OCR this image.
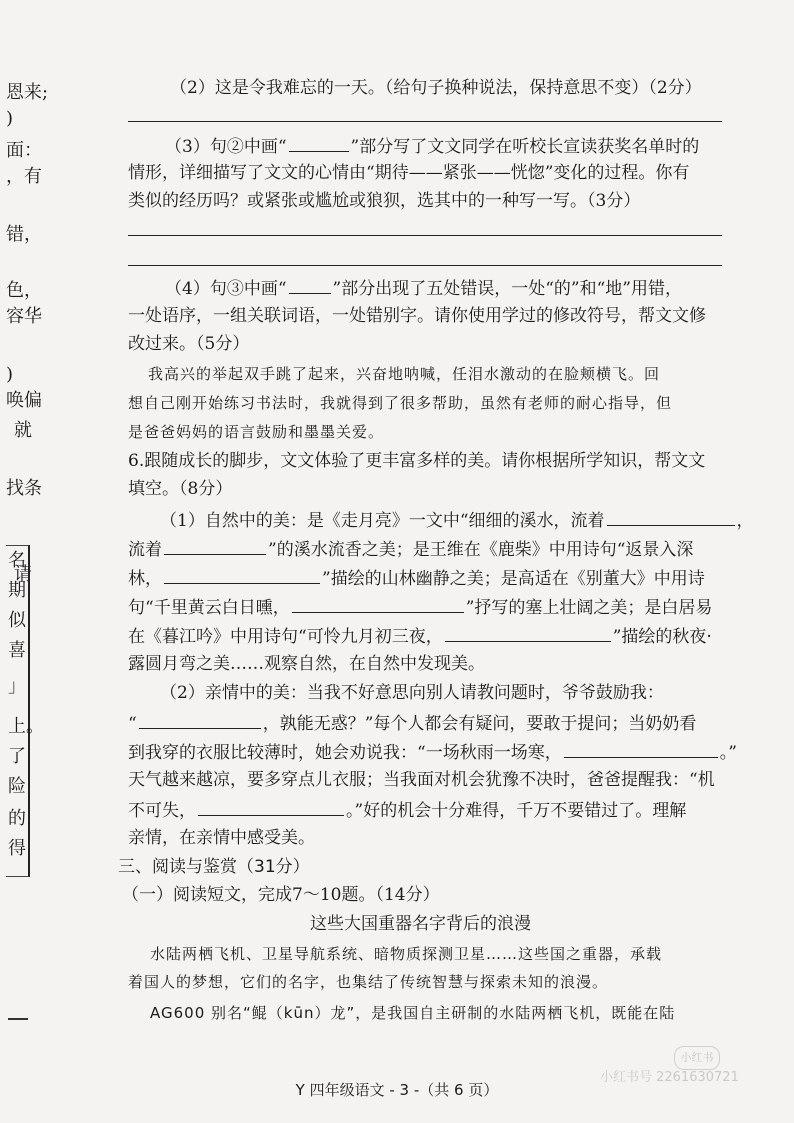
恩来;
)
面：
，有
错，
色，
容华
)
唤偏
就
找条
请
名
期
似
喜
」
上。
了
险
的
得
（2）这是令我难忘的一天。（给句子换种说法，保持意思不变）（2分）
（3）句②中画“	”部分写了文文同学在听校长宣读获奖名单时的
情形，详细描写了文文的心情由“期待——紧张——恍惚”变化的过程。你有
类似的经历吗？或紧张或尴尬或狼狈，选其中的一种写一写。（3分）
（4）句③中画“	”部分出现了五处错误，一处“的”和“地”用错，
一处语序，一组关联词语，一处错别字。请你使用学过的修改符号，帮文文修
改过来。（5分）
我高兴的举起双手跳了起来，兴奋地呐喊，任泪水激动的在脸颊横飞。回
想自己刚开始练习书法时，我就得到了很多帮助，虽然有老师的耐心指导，但
是爸爸妈妈的语言鼓励和墨墨关爱。
6.跟随成长的脚步，文文体验了更丰富多样的美。请你根据所学知识，帮文文
填空。（8分）
（1）自然中的美：是《走月亮》一文中“细细的溪水，流着	，
流着	”的溪水流香之美；是王维在《鹿柴》中用诗句“返景入深
林，	”描绘的山林幽静之美；是高适在《别董大》中用诗
句“千里黄云白日曛，	”抒写的塞上壮阔之美；是白居易
在《暮江吟》中用诗句“可怜九月初三夜，	”描绘的秋夜·
露圆月弯之美……观察自然，在自然中发现美。
（2）亲情中的美：当我不好意思向别人请教问题时，爷爷鼓励我：
“	，孰能无惑？”每个人都会有疑问，要敢于提问；当奶奶看
到我穿的衣服比较薄时，她会劝说我：“一场秋雨一场寒，	。”
天气越来越凉，要多穿点儿衣服；当我面对机会犹豫不决时，爸爸提醒我：“机
不可失，	。”好的机会十分难得，千万不要错过了。理解
亲情，在亲情中感受美。
三、阅读与鉴赏（31分）
（一）阅读短文，完成7～10题。（14分）
这些大国重器名字背后的浪漫
水陆两栖飞机、卫星导航系统、暗物质探测卫星……这些国之重器，承载
着国人的梦想，它们的名字，也集结了传统智慧与探索未知的浪漫。
AG600 别名“鲲（kūn）龙”，是我国自主研制的水陆两栖飞机，既能在陆
Y 四年级语文 - 3 -（共 6 页）
小红书
小红书号 2261630721
